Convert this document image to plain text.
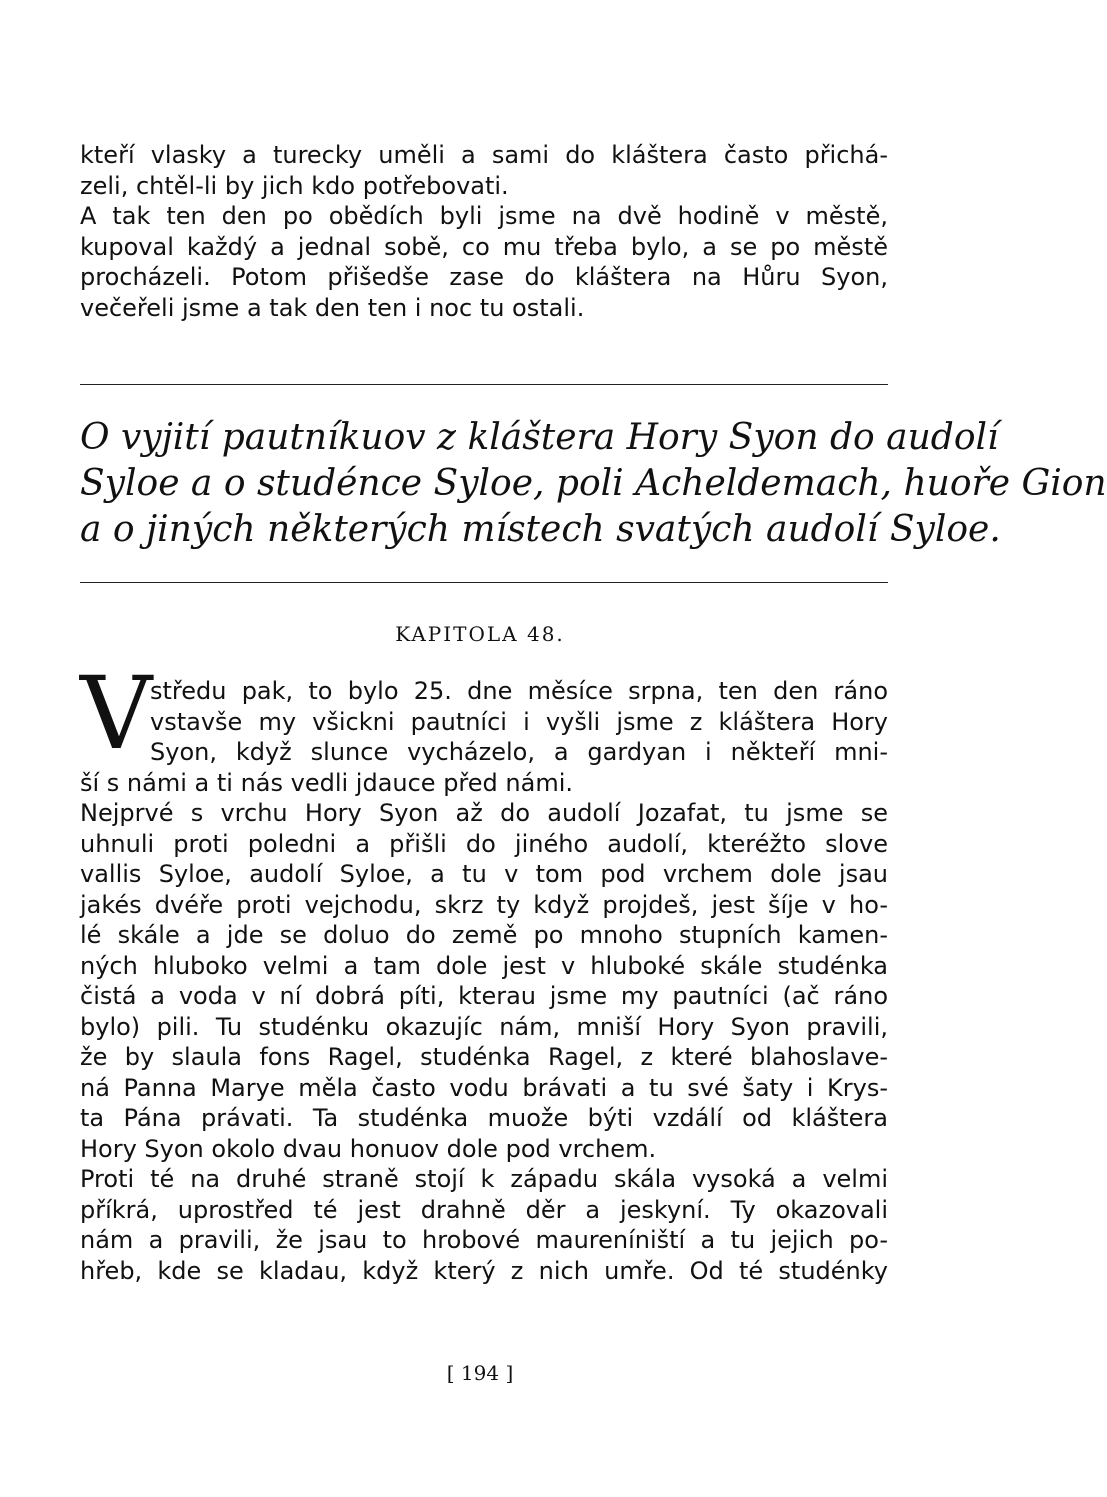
kteří vlasky a turecky uměli a sami do kláštera často přichá-
zeli, chtěl-li by jich kdo potřebovati.
A tak ten den po obědích byli jsme na dvě hodině v městě,
kupoval každý a jednal sobě, co mu třeba bylo, a se po městě
procházeli. Potom přišedše zase do kláštera na Hůru Syon,
večeřeli jsme a tak den ten i noc tu ostali.
O vyjití pautníkuov z kláštera Hory Syon do audolí
Syloe a o studénce Syloe, poli Acheldemach, huoře Gion
a o jiných některých místech svatých audolí Syloe.
KAPITOLA 48.
V
středu pak, to bylo 25. dne měsíce srpna, ten den ráno
vstavše my všickni pautníci i vyšli jsme z kláštera Hory
Syon, když slunce vycházelo, a gardyan i někteří mni-
ší s námi a ti nás vedli jdauce před námi.
Nejprvé s vrchu Hory Syon až do audolí Jozafat, tu jsme se
uhnuli proti poledni a přišli do jiného audolí, kteréžto slove
vallis Syloe, audolí Syloe, a tu v tom pod vrchem dole jsau
jakés dvéře proti vejchodu, skrz ty když projdeš, jest šíje v ho-
lé skále a jde se doluo do země po mnoho stupních kamen-
ných hluboko velmi a tam dole jest v hluboké skále studénka
čistá a voda v ní dobrá píti, kterau jsme my pautníci (ač ráno
bylo) pili. Tu studénku okazujíc nám, mniší Hory Syon pravili,
že by slaula fons Ragel, studénka Ragel, z které blahoslave-
ná Panna Marye měla často vodu brávati a tu své šaty i Krys-
ta Pána právati. Ta studénka muože býti vzdálí od kláštera
Hory Syon okolo dvau honuov dole pod vrchem.
Proti té na druhé straně stojí k západu skála vysoká a velmi
příkrá, uprostřed té jest drahně děr a jeskyní. Ty okazovali
nám a pravili, že jsau to hrobové maureníniští a tu jejich po-
hřeb, kde se kladau, když který z nich umře. Od té studénky
[ 194 ]
